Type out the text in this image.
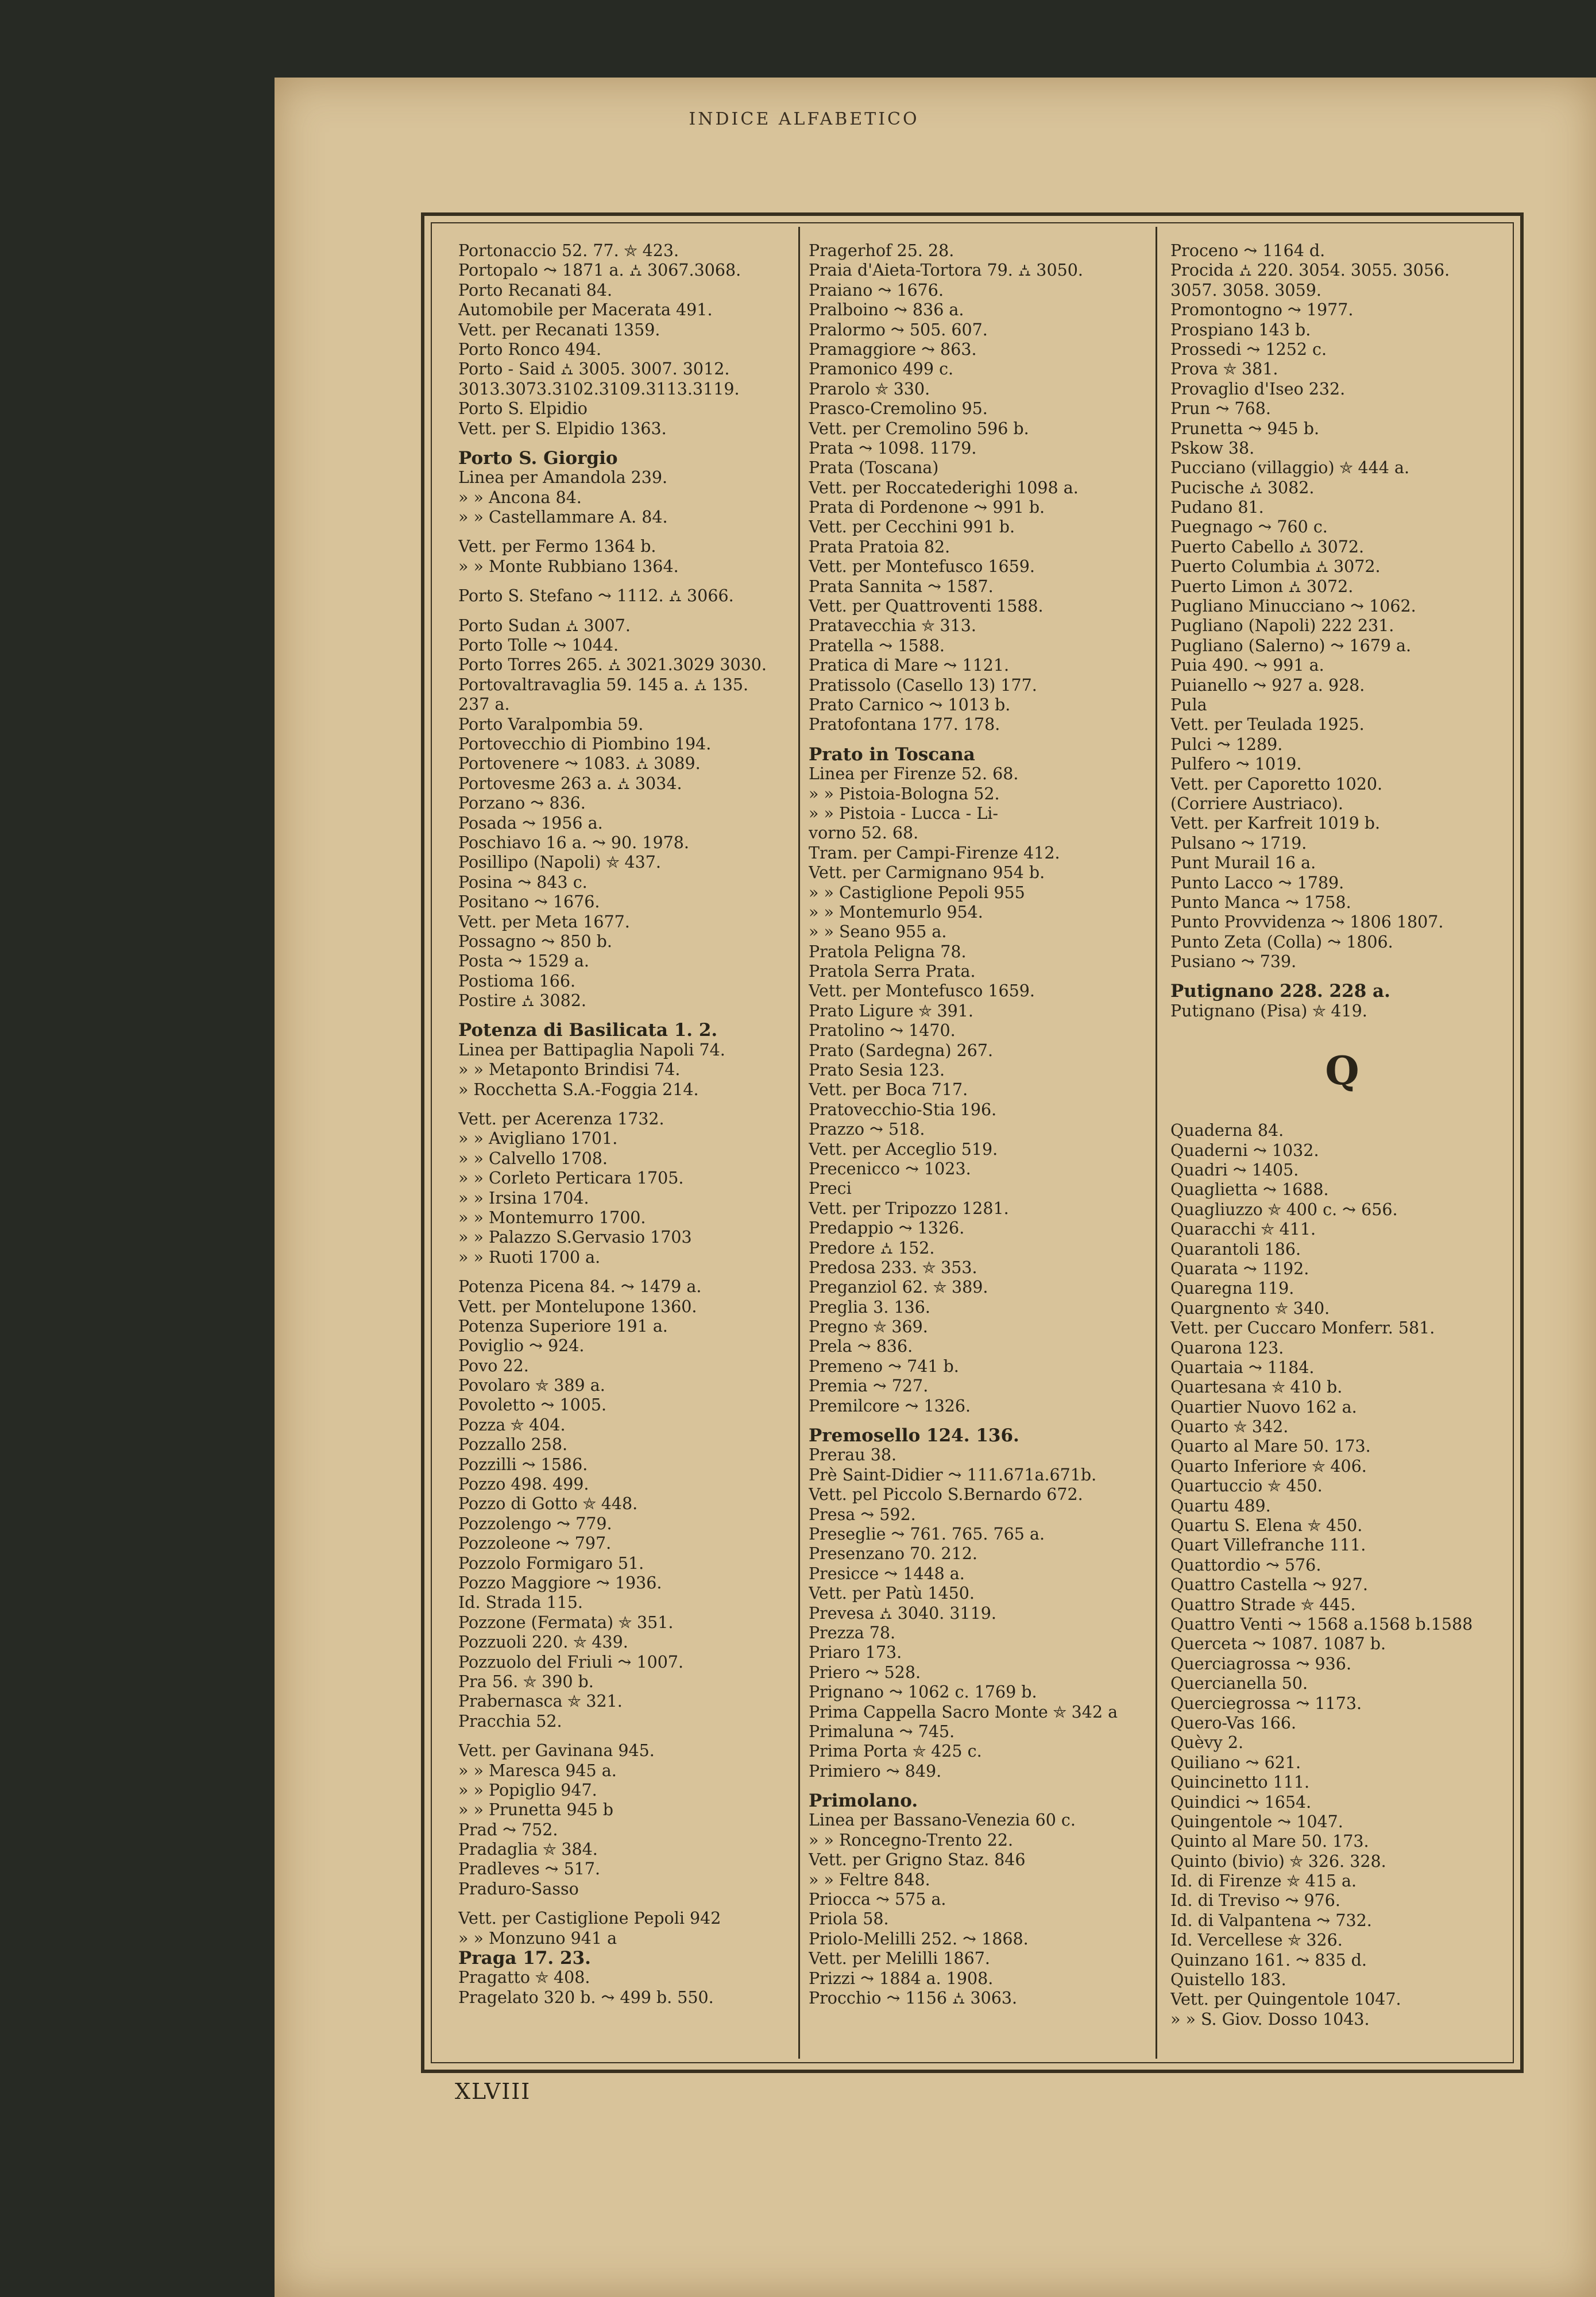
INDICE ALFABETICO
Portonaccio 52. 77. ⛤ 423.
Portopalo ⤳ 1871 a. ⛼ 3067.3068.
Porto Recanati 84.
Automobile per Macerata 491.
Vett. per Recanati 1359.
Porto Ronco 494.
Porto - Said ⛼ 3005. 3007. 3012.
3013.3073.3102.3109.3113.3119.
Porto S. Elpidio
Vett. per S. Elpidio 1363.
Porto S. Giorgio
Linea per Amandola 239.
» » Ancona 84.
» » Castellammare A. 84.
Vett. per Fermo 1364 b.
» » Monte Rubbiano 1364.
Porto S. Stefano ⤳ 1112. ⛼ 3066.
Porto Sudan ⛼ 3007.
Porto Tolle ⤳ 1044.
Porto Torres 265. ⛼ 3021.3029 3030.
Portovaltravaglia 59. 145 a. ⛼ 135.
237 a.
Porto Varalpombia 59.
Portovecchio di Piombino 194.
Portovenere ⤳ 1083. ⛼ 3089.
Portovesme 263 a. ⛼ 3034.
Porzano ⤳ 836.
Posada ⤳ 1956 a.
Poschiavo 16 a. ⤳ 90. 1978.
Posillipo (Napoli) ⛤ 437.
Posina ⤳ 843 c.
Positano ⤳ 1676.
Vett. per Meta 1677.
Possagno ⤳ 850 b.
Posta ⤳ 1529 a.
Postioma 166.
Postire ⛼ 3082.
Potenza di Basilicata 1. 2.
Linea per Battipaglia Napoli 74.
» » Metaponto Brindisi 74.
» Rocchetta S.A.-Foggia 214.
Vett. per Acerenza 1732.
» » Avigliano 1701.
» » Calvello 1708.
» » Corleto Perticara 1705.
» » Irsina 1704.
» » Montemurro 1700.
» » Palazzo S.Gervasio 1703
» » Ruoti 1700 a.
Potenza Picena 84. ⤳ 1479 a.
Vett. per Montelupone 1360.
Potenza Superiore 191 a.
Poviglio ⤳ 924.
Povo 22.
Povolaro ⛤ 389 a.
Povoletto ⤳ 1005.
Pozza ⛤ 404.
Pozzallo 258.
Pozzilli ⤳ 1586.
Pozzo 498. 499.
Pozzo di Gotto ⛤ 448.
Pozzolengo ⤳ 779.
Pozzoleone ⤳ 797.
Pozzolo Formigaro 51.
Pozzo Maggiore ⤳ 1936.
Id. Strada 115.
Pozzone (Fermata) ⛤ 351.
Pozzuoli 220. ⛤ 439.
Pozzuolo del Friuli ⤳ 1007.
Pra 56. ⛤ 390 b.
Prabernasca ⛤ 321.
Pracchia 52.
Vett. per Gavinana 945.
» » Maresca 945 a.
» » Popiglio 947.
» » Prunetta 945 b
Prad ⤳ 752.
Pradaglia ⛤ 384.
Pradleves ⤳ 517.
Praduro-Sasso
Vett. per Castiglione Pepoli 942
» » Monzuno 941 a
Praga 17. 23.
Pragatto ⛤ 408.
Pragelato 320 b. ⤳ 499 b. 550.
Pragerhof 25. 28.
Praia d'Aieta-Tortora 79. ⛼ 3050.
Praiano ⤳ 1676.
Pralboino ⤳ 836 a.
Pralormo ⤳ 505. 607.
Pramaggiore ⤳ 863.
Pramonico 499 c.
Prarolo ⛤ 330.
Prasco-Cremolino 95.
Vett. per Cremolino 596 b.
Prata ⤳ 1098. 1179.
Prata (Toscana)
Vett. per Roccatederighi 1098 a.
Prata di Pordenone ⤳ 991 b.
Vett. per Cecchini 991 b.
Prata Pratoia 82.
Vett. per Montefusco 1659.
Prata Sannita ⤳ 1587.
Vett. per Quattroventi 1588.
Pratavecchia ⛤ 313.
Pratella ⤳ 1588.
Pratica di Mare ⤳ 1121.
Pratissolo (Casello 13) 177.
Prato Carnico ⤳ 1013 b.
Pratofontana 177. 178.
Prato in Toscana
Linea per Firenze 52. 68.
» » Pistoia-Bologna 52.
» » Pistoia - Lucca - Li-
vorno 52. 68.
Tram. per Campi-Firenze 412.
Vett. per Carmignano 954 b.
» » Castiglione Pepoli 955
» » Montemurlo 954.
» » Seano 955 a.
Pratola Peligna 78.
Pratola Serra Prata.
Vett. per Montefusco 1659.
Prato Ligure ⛤ 391.
Pratolino ⤳ 1470.
Prato (Sardegna) 267.
Prato Sesia 123.
Vett. per Boca 717.
Pratovecchio-Stia 196.
Prazzo ⤳ 518.
Vett. per Acceglio 519.
Precenicco ⤳ 1023.
Preci
Vett. per Tripozzo 1281.
Predappio ⤳ 1326.
Predore ⛼ 152.
Predosa 233. ⛤ 353.
Preganziol 62. ⛤ 389.
Preglia 3. 136.
Pregno ⛤ 369.
Prela ⤳ 836.
Premeno ⤳ 741 b.
Premia ⤳ 727.
Premilcore ⤳ 1326.
Premosello 124. 136.
Prerau 38.
Prè Saint-Didier ⤳ 111.671a.671b.
Vett. pel Piccolo S.Bernardo 672.
Presa ⤳ 592.
Preseglie ⤳ 761. 765. 765 a.
Presenzano 70. 212.
Presicce ⤳ 1448 a.
Vett. per Patù 1450.
Prevesa ⛼ 3040. 3119.
Prezza 78.
Priaro 173.
Priero ⤳ 528.
Prignano ⤳ 1062 c. 1769 b.
Prima Cappella Sacro Monte ⛤ 342 a
Primaluna ⤳ 745.
Prima Porta ⛤ 425 c.
Primiero ⤳ 849.
Primolano.
Linea per Bassano-Venezia 60 c.
» » Roncegno-Trento 22.
Vett. per Grigno Staz. 846
» » Feltre 848.
Priocca ⤳ 575 a.
Priola 58.
Priolo-Melilli 252. ⤳ 1868.
Vett. per Melilli 1867.
Prizzi ⤳ 1884 a. 1908.
Procchio ⤳ 1156 ⛼ 3063.
Proceno ⤳ 1164 d.
Procida ⛼ 220. 3054. 3055. 3056.
3057. 3058. 3059.
Promontogno ⤳ 1977.
Prospiano 143 b.
Prossedi ⤳ 1252 c.
Prova ⛤ 381.
Provaglio d'Iseo 232.
Prun ⤳ 768.
Prunetta ⤳ 945 b.
Pskow 38.
Pucciano (villaggio) ⛤ 444 a.
Pucische ⛼ 3082.
Pudano 81.
Puegnago ⤳ 760 c.
Puerto Cabello ⛼ 3072.
Puerto Columbia ⛼ 3072.
Puerto Limon ⛼ 3072.
Pugliano Minucciano ⤳ 1062.
Pugliano (Napoli) 222 231.
Pugliano (Salerno) ⤳ 1679 a.
Puia 490. ⤳ 991 a.
Puianello ⤳ 927 a. 928.
Pula
Vett. per Teulada 1925.
Pulci ⤳ 1289.
Pulfero ⤳ 1019.
Vett. per Caporetto 1020.
(Corriere Austriaco).
Vett. per Karfreit 1019 b.
Pulsano ⤳ 1719.
Punt Murail 16 a.
Punto Lacco ⤳ 1789.
Punto Manca ⤳ 1758.
Punto Provvidenza ⤳ 1806 1807.
Punto Zeta (Colla) ⤳ 1806.
Pusiano ⤳ 739.
Putignano 228. 228 a.
Putignano (Pisa) ⛤ 419.
Q
Quaderna 84.
Quaderni ⤳ 1032.
Quadri ⤳ 1405.
Quaglietta ⤳ 1688.
Quagliuzzo ⛤ 400 c. ⤳ 656.
Quaracchi ⛤ 411.
Quarantoli 186.
Quarata ⤳ 1192.
Quaregna 119.
Quargnento ⛤ 340.
Vett. per Cuccaro Monferr. 581.
Quarona 123.
Quartaia ⤳ 1184.
Quartesana ⛤ 410 b.
Quartier Nuovo 162 a.
Quarto ⛤ 342.
Quarto al Mare 50. 173.
Quarto Inferiore ⛤ 406.
Quartuccio ⛤ 450.
Quartu 489.
Quartu S. Elena ⛤ 450.
Quart Villefranche 111.
Quattordio ⤳ 576.
Quattro Castella ⤳ 927.
Quattro Strade ⛤ 445.
Quattro Venti ⤳ 1568 a.1568 b.1588
Querceta ⤳ 1087. 1087 b.
Querciagrossa ⤳ 936.
Quercianella 50.
Querciegrossa ⤳ 1173.
Quero-Vas 166.
Quèvy 2.
Quiliano ⤳ 621.
Quincinetto 111.
Quindici ⤳ 1654.
Quingentole ⤳ 1047.
Quinto al Mare 50. 173.
Quinto (bivio) ⛤ 326. 328.
Id. di Firenze ⛤ 415 a.
Id. di Treviso ⤳ 976.
Id. di Valpantena ⤳ 732.
Id. Vercellese ⛤ 326.
Quinzano 161. ⤳ 835 d.
Quistello 183.
Vett. per Quingentole 1047.
» » S. Giov. Dosso 1043.
XLVIII
